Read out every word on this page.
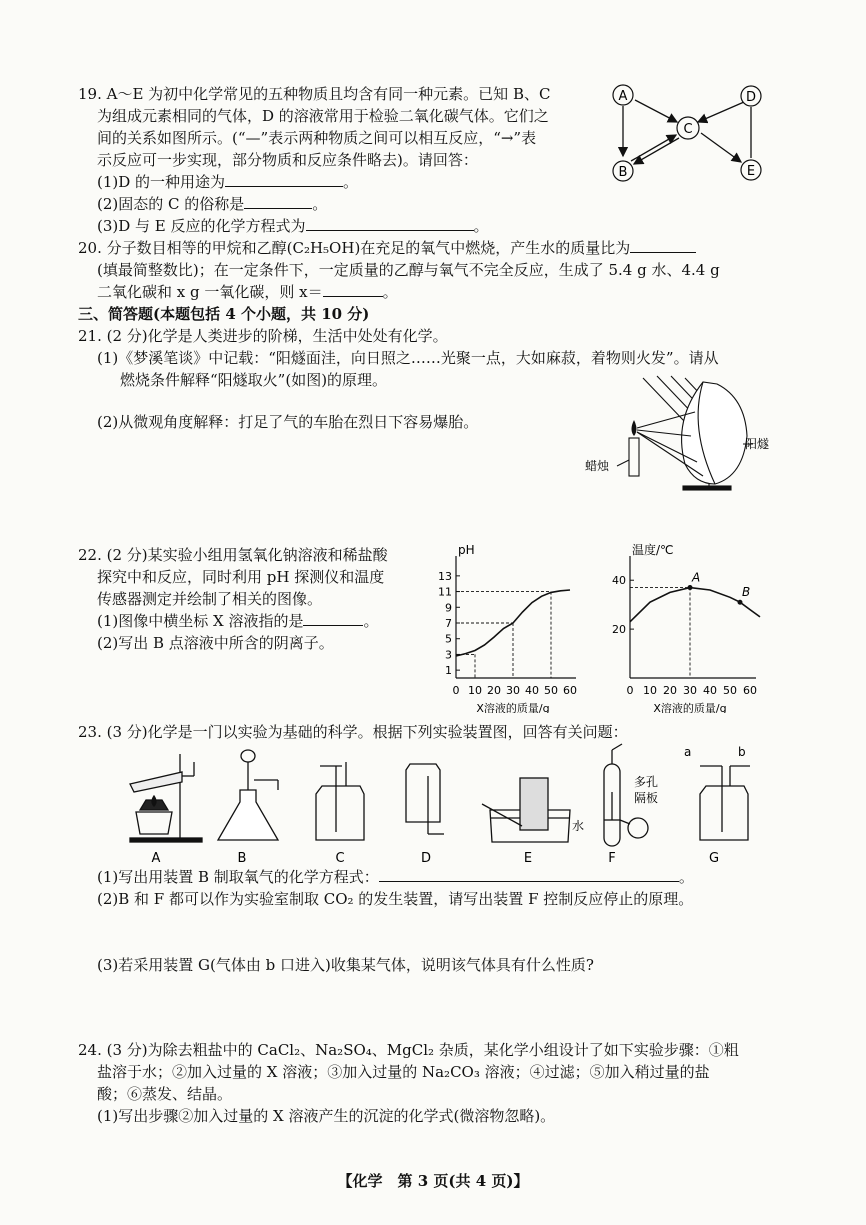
19. A～E 为初中化学常见的五种物质且均含有同一种元素。已知 B、C
为组成元素相同的气体，D 的溶液常用于检验二氧化碳气体。它们之
间的关系如图所示。(“—”表示两种物质之间可以相互反应，“→”表
示反应可一步实现，部分物质和反应条件略去)。请回答：
(1)D 的一种用途为	。
(2)固态的 C 的俗称是	。
(3)D 与 E 反应的化学方程式为	。
A
B
C
D
E
20. 分子数目相等的甲烷和乙醇(C₂H₅OH)在充足的氧气中燃烧，产生水的质量比为
(填最简整数比)；在一定条件下，一定质量的乙醇与氧气不完全反应，生成了 5.4 g 水、4.4 g
二氧化碳和 x g 一氧化碳，则 x＝	。
三、简答题(本题包括 4 个小题，共 10 分)
21. (2 分)化学是人类进步的阶梯，生活中处处有化学。
(1)《梦溪笔谈》中记载：“阳燧面洼，向日照之……光聚一点，大如麻菽，着物则火发”。请从
燃烧条件解释“阳燧取火”(如图)的原理。
(2)从微观角度解释：打足了气的车胎在烈日下容易爆胎。
蜡烛
阳燧
22. (2 分)某实验小组用氢氧化钠溶液和稀盐酸
探究中和反应，同时利用 pH 探测仪和温度
传感器测定并绘制了相关的图像。
(1)图像中横坐标 X 溶液指的是	。
(2)写出 B 点溶液中所含的阴离子。
pH
X溶液的质量/g
0 10 20 30 40 50 60
1
3
5
7
9
11
13
温度/℃
X溶液的质量/g
0 10 20 30 40 50 60
20
40	A
B
23. (3 分)化学是一门以实验为基础的科学。根据下列实验装置图，回答有关问题：
水
多孔
隔板
a	b
A	B	C	D	E	F	G
(1)写出用装置 B 制取氧气的化学方程式：	。
(2)B 和 F 都可以作为实验室制取 CO₂ 的发生装置，请写出装置 F 控制反应停止的原理。
(3)若采用装置 G(气体由 b 口进入)收集某气体，说明该气体具有什么性质?
24. (3 分)为除去粗盐中的 CaCl₂、Na₂SO₄、MgCl₂ 杂质，某化学小组设计了如下实验步骤：①粗
盐溶于水；②加入过量的 X 溶液；③加入过量的 Na₂CO₃ 溶液；④过滤；⑤加入稍过量的盐
酸；⑥蒸发、结晶。
(1)写出步骤②加入过量的 X 溶液产生的沉淀的化学式(微溶物忽略)。
【化学　第 3 页(共 4 页)】
